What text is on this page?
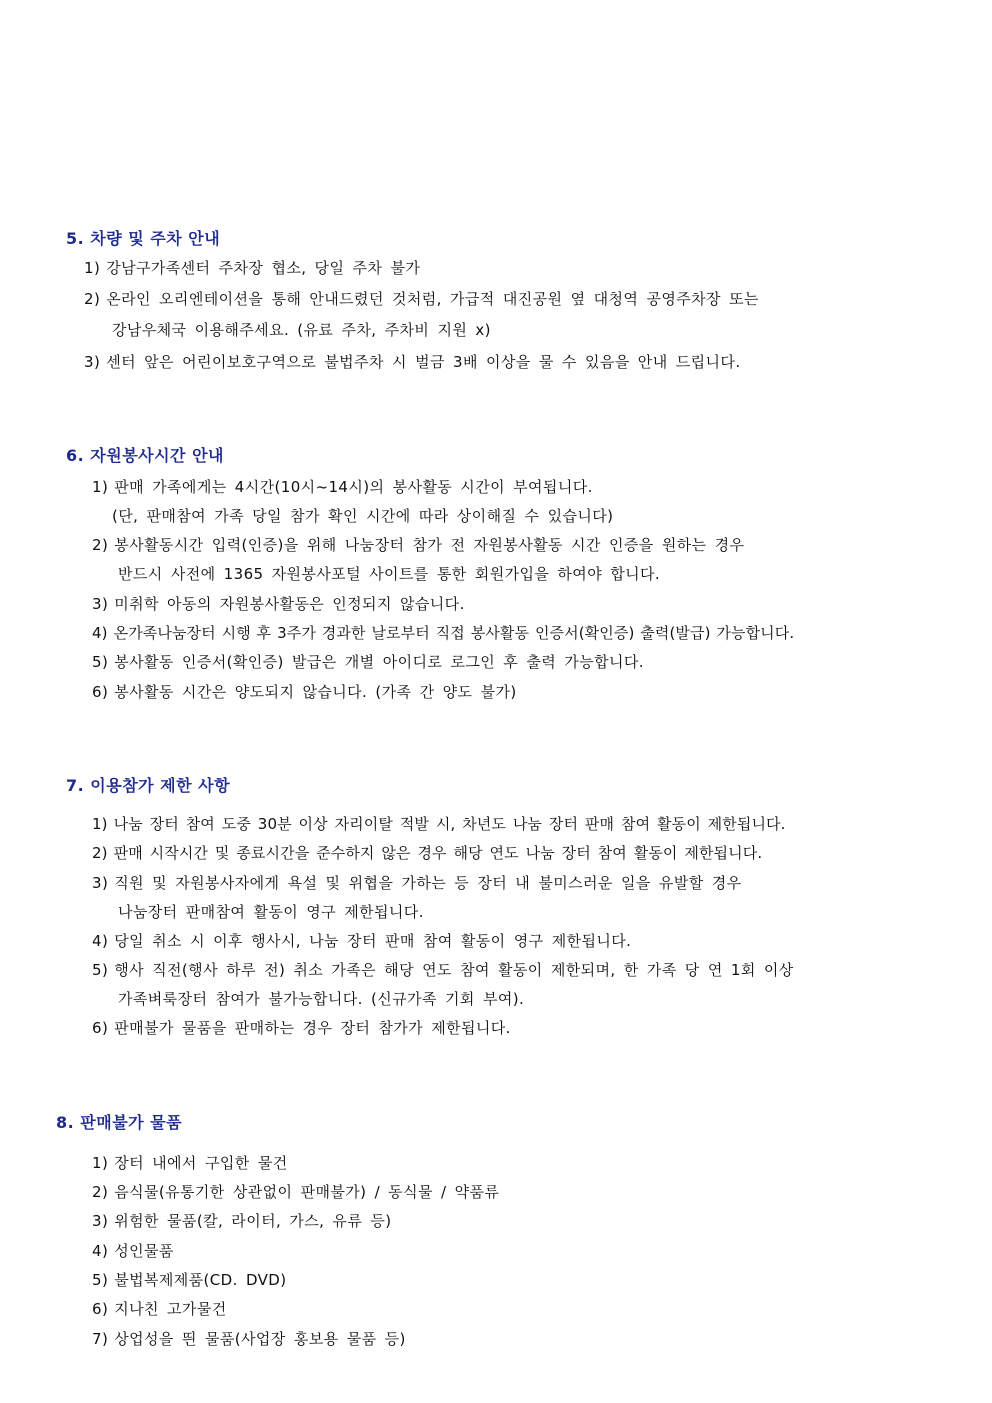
5. 차량 및 주차 안내
1) 강남구가족센터 주차장 협소, 당일 주차 불가
2) 온라인 오리엔테이션을 통해 안내드렸던 것처럼, 가급적 대진공원 옆 대청역 공영주차장 또는
강남우체국 이용해주세요. (유료 주차, 주차비 지원 x)
3) 센터 앞은 어린이보호구역으로 불법주차 시 벌금 3배 이상을 물 수 있음을 안내 드립니다.
6. 자원봉사시간 안내
1) 판매 가족에게는 4시간(10시~14시)의 봉사활동 시간이 부여됩니다.
(단, 판매참여 가족 당일 참가 확인 시간에 따라 상이해질 수 있습니다)
2) 봉사활동시간 입력(인증)을 위해 나눔장터 참가 전 자원봉사활동 시간 인증을 원하는 경우
반드시 사전에 1365 자원봉사포털 사이트를 통한 회원가입을 하여야 합니다.
3) 미취학 아동의 자원봉사활동은 인정되지 않습니다.
4) 온가족나눔장터 시행 후 3주가 경과한 날로부터 직접 봉사활동 인증서(확인증) 출력(발급) 가능합니다.
5) 봉사활동 인증서(확인증) 발급은 개별 아이디로 로그인 후 출력 가능합니다.
6) 봉사활동 시간은 양도되지 않습니다. (가족 간 양도 불가)
7. 이용참가 제한 사항
1) 나눔 장터 참여 도중 30분 이상 자리이탈 적발 시, 차년도 나눔 장터 판매 참여 활동이 제한됩니다.
2) 판매 시작시간 및 종료시간을 준수하지 않은 경우 해당 연도 나눔 장터 참여 활동이 제한됩니다.
3) 직원 및 자원봉사자에게 욕설 및 위협을 가하는 등 장터 내 불미스러운 일을 유발할 경우
나눔장터 판매참여 활동이 영구 제한됩니다.
4) 당일 취소 시 이후 행사시, 나눔 장터 판매 참여 활동이 영구 제한됩니다.
5) 행사 직전(행사 하루 전) 취소 가족은 해당 연도 참여 활동이 제한되며, 한 가족 당 연 1회 이상
가족벼룩장터 참여가 불가능합니다. (신규가족 기회 부여).
6) 판매불가 물품을 판매하는 경우 장터 참가가 제한됩니다.
8. 판매불가 물품
1) 장터 내에서 구입한 물건
2) 음식물(유통기한 상관없이 판매불가) / 동식물 / 약품류
3) 위험한 물품(칼, 라이터, 가스, 유류 등)
4) 성인물품
5) 불법복제제품(CD. DVD)
6) 지나친 고가물건
7) 상업성을 띈 물품(사업장 홍보용 물품 등)
